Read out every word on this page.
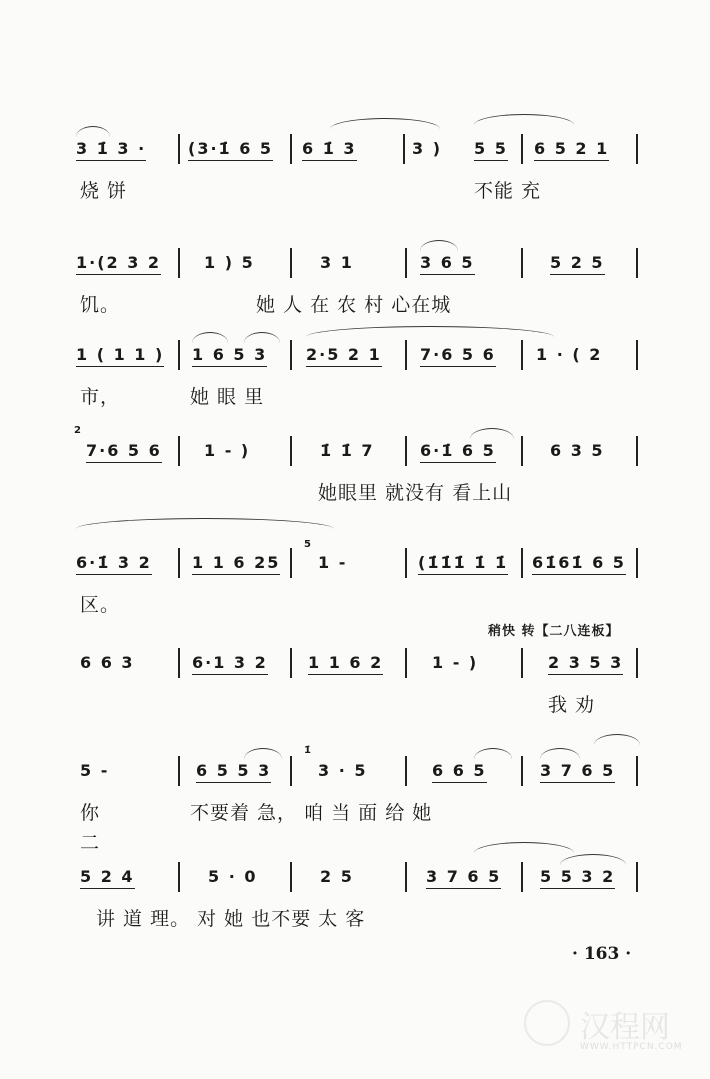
3 1̇ 3 ·	(3·1̇ 6 5 6 1̇ 3	3 ) 5 5 6 5 2 1
烧 饼	不能 充
1·(2 3 2	1 ) 5	3 1	3 6 5	5 2 5
饥。	她 人 在 农 村 心在城
1 ( 1 1 ) 1 6 5 3 2·5 2 1 7·6 5 6	1 · ( 2
市，	她 眼 里
2
7·6 5 6	1 - )	1̇ 1̇ 7	6·1̇ 6 5	6 3 5
她眼里 就没有 看上山
6·1̇ 3 2	1 1 6 25
5
1 -	(1̇1̇1̇ 1̇ 1̇ 61̇61̇ 6 5
区。
稍快 转【二八连板】
6 6 3	6·1 3 2	1 1 6 2	1 - )	2 3 5 3
我 劝
5 -	6 5 5 3
1̇
3 · 5	6 6 5	3 7 6 5
你	不要着 急， 咱 当 面 给 她
二
5 2 4	5 · 0	2 5	3 7 6 5 5 5 3 2
讲 道 理。 对 她 也不要 太 客
· 163 ·
汉程网
WWW.HTTPCN.COM
